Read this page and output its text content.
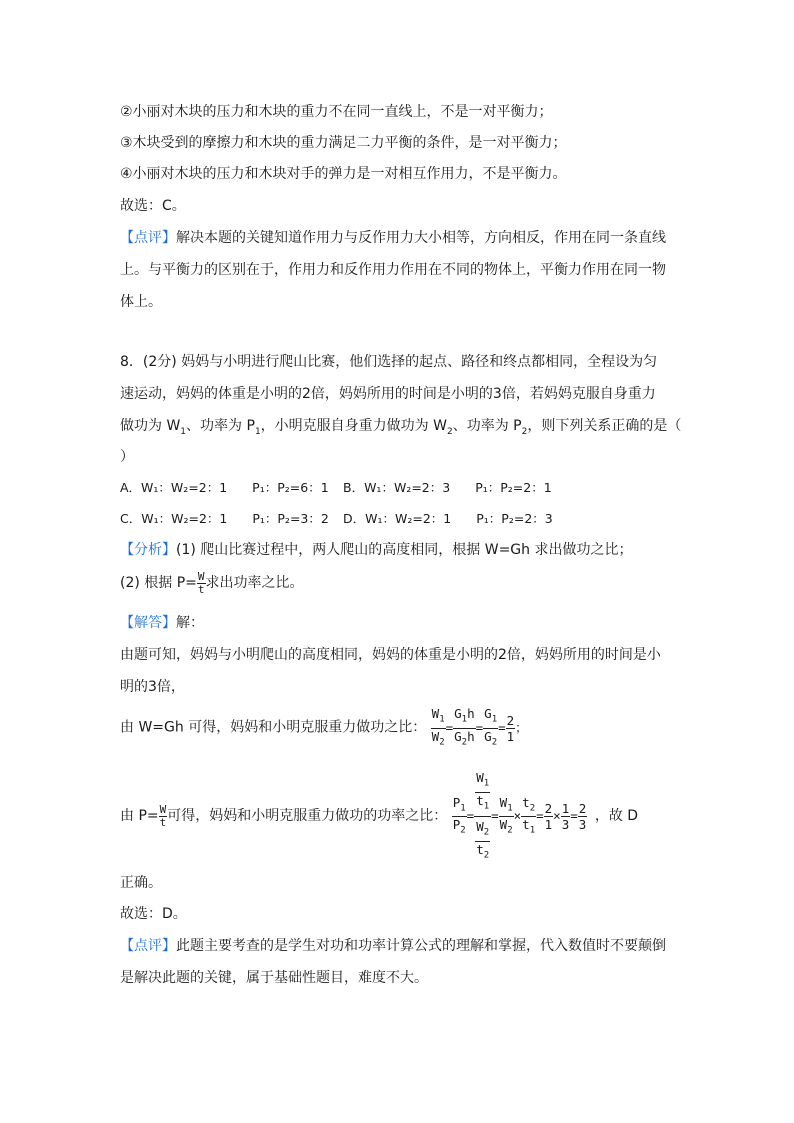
②小丽对木块的压力和木块的重力不在同一直线上，不是一对平衡力；
③木块受到的摩擦力和木块的重力满足二力平衡的条件，是一对平衡力；
④小丽对木块的压力和木块对手的弹力是一对相互作用力，不是平衡力。
故选：C。
【点评】解决本题的关键知道作用力与反作用力大小相等，方向相反，作用在同一条直线
上。与平衡力的区别在于，作用力和反作用力作用在不同的物体上，平衡力作用在同一物
体上。
8．(2分) 妈妈与小明进行爬山比赛，他们选择的起点、路径和终点都相同，全程设为匀
速运动，妈妈的体重是小明的2倍，妈妈所用的时间是小明的3倍，若妈妈克服自身重力
做功为 $W_1$、功率为 $P_1$，小明克服自身重力做功为 $W_2$、功率为 $P_2$，则下列关系正确的是（
）
A．W₁：W₂=2：1　　P₁：P₂=6：1 B．W₁：W₂=2：3　　P₁：P₂=2：1
C．W₁：W₂=2：1　　P₁：P₂=3：2 D．W₁：W₂=2：1　　P₁：P₂=2：3
【分析】(1) 爬山比赛过程中，两人爬山的高度相同，根据 W=Gh 求出做功之比；
(2) 根据 $P= \frac{W}{t}$ 求出功率之比。
【解答】解：
由题可知，妈妈与小明爬山的高度相同，妈妈的体重是小明的2倍，妈妈所用的时间是小
明的3倍，
由 W=Gh 可得，妈妈和小明克服重力做功之比： $\frac{W_1}{W_2} = \frac{G_1h}{G_2h} = \frac{G_1}{G_2} = \frac{2}{1}$ ；
由 $P= \frac{W}{t}$ 可得，妈妈和小明克服重力做功的功率之比： $\frac{P_1}{P_2} = \frac{\frac{W_1}{t_1}}{\frac{W_2}{t_2}} = \frac{W_1}{W_2} \times \frac{t_2}{t_1} = \frac{2}{1} \times \frac{1}{3} = \frac{2}{3}$ ，故 D
正确。
故选：D。
【点评】此题主要考查的是学生对功和功率计算公式的理解和掌握，代入数值时不要颠倒
是解决此题的关键，属于基础性题目，难度不大。
